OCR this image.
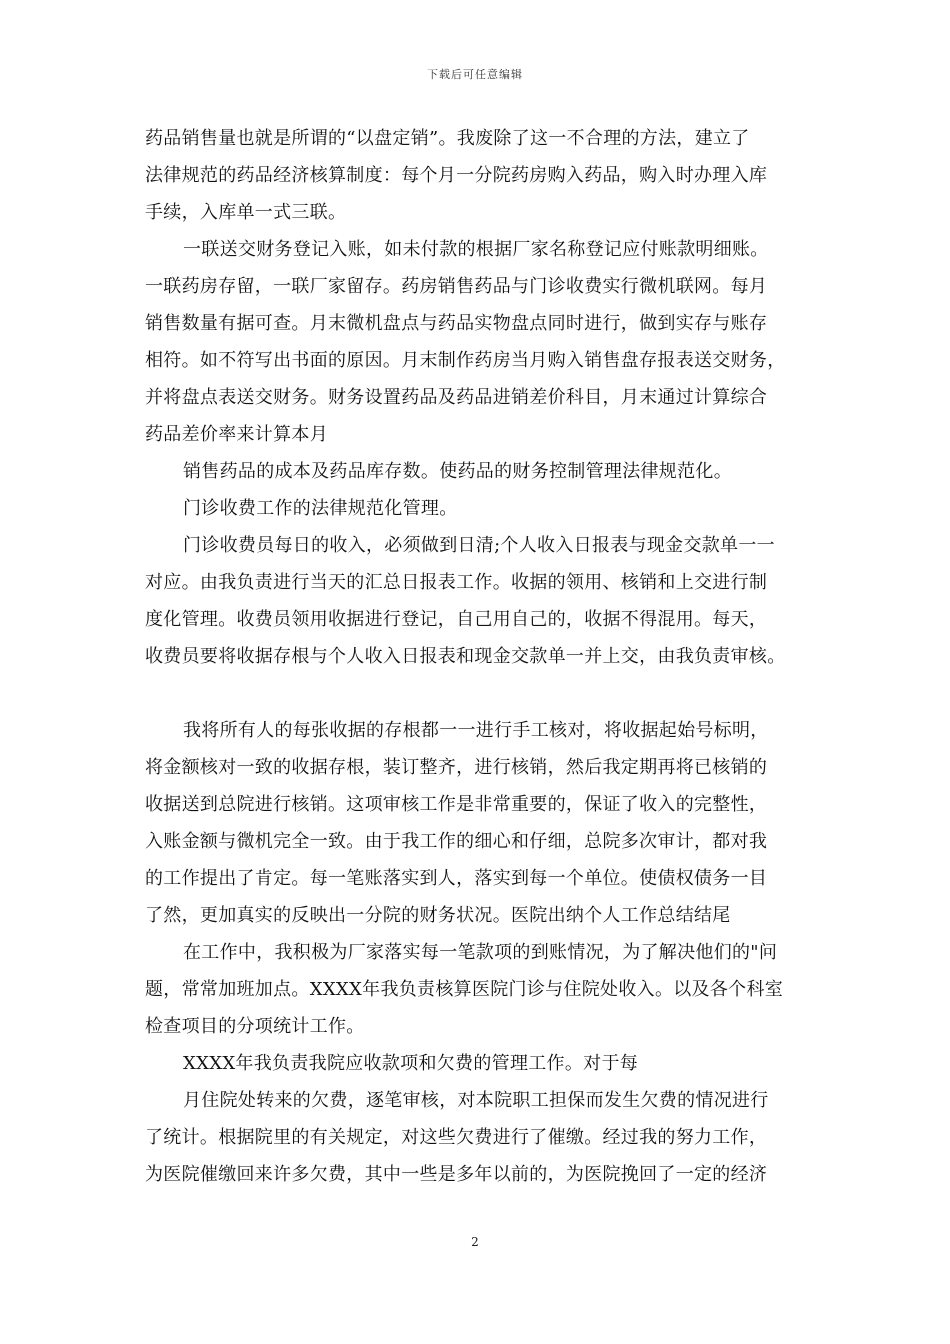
下载后可任意编辑
药品销售量也就是所谓的“以盘定销”。我废除了这一不合理的方法，建立了
法律规范的药品经济核算制度：每个月一分院药房购入药品，购入时办理入库
手续，入库单一式三联。
一联送交财务登记入账，如未付款的根据厂家名称登记应付账款明细账。
一联药房存留，一联厂家留存。药房销售药品与门诊收费实行微机联网。每月
销售数量有据可查。月末微机盘点与药品实物盘点同时进行，做到实存与账存
相符。如不符写出书面的原因。月末制作药房当月购入销售盘存报表送交财务，
并将盘点表送交财务。财务设置药品及药品进销差价科目，月末通过计算综合
药品差价率来计算本月
销售药品的成本及药品库存数。使药品的财务控制管理法律规范化。
门诊收费工作的法律规范化管理。
门诊收费员每日的收入，必须做到日清;个人收入日报表与现金交款单一一
对应。由我负责进行当天的汇总日报表工作。收据的领用、核销和上交进行制
度化管理。收费员领用收据进行登记，自己用自己的，收据不得混用。每天，
收费员要将收据存根与个人收入日报表和现金交款单一并上交，由我负责审核。
我将所有人的每张收据的存根都一一进行手工核对，将收据起始号标明，
将金额核对一致的收据存根，装订整齐，进行核销，然后我定期再将已核销的
收据送到总院进行核销。这项审核工作是非常重要的，保证了收入的完整性，
入账金额与微机完全一致。由于我工作的细心和仔细，总院多次审计，都对我
的工作提出了肯定。每一笔账落实到人，落实到每一个单位。使债权债务一目
了然，更加真实的反映出一分院的财务状况。医院出纳个人工作总结结尾
在工作中，我积极为厂家落实每一笔款项的到账情况，为了解决他们的"问
题，常常加班加点。XXXX年我负责核算医院门诊与住院处收入。以及各个科室
检查项目的分项统计工作。
XXXX年我负责我院应收款项和欠费的管理工作。对于每
月住院处转来的欠费，逐笔审核，对本院职工担保而发生欠费的情况进行
了统计。根据院里的有关规定，对这些欠费进行了催缴。经过我的努力工作，
为医院催缴回来许多欠费，其中一些是多年以前的，为医院挽回了一定的经济
2
